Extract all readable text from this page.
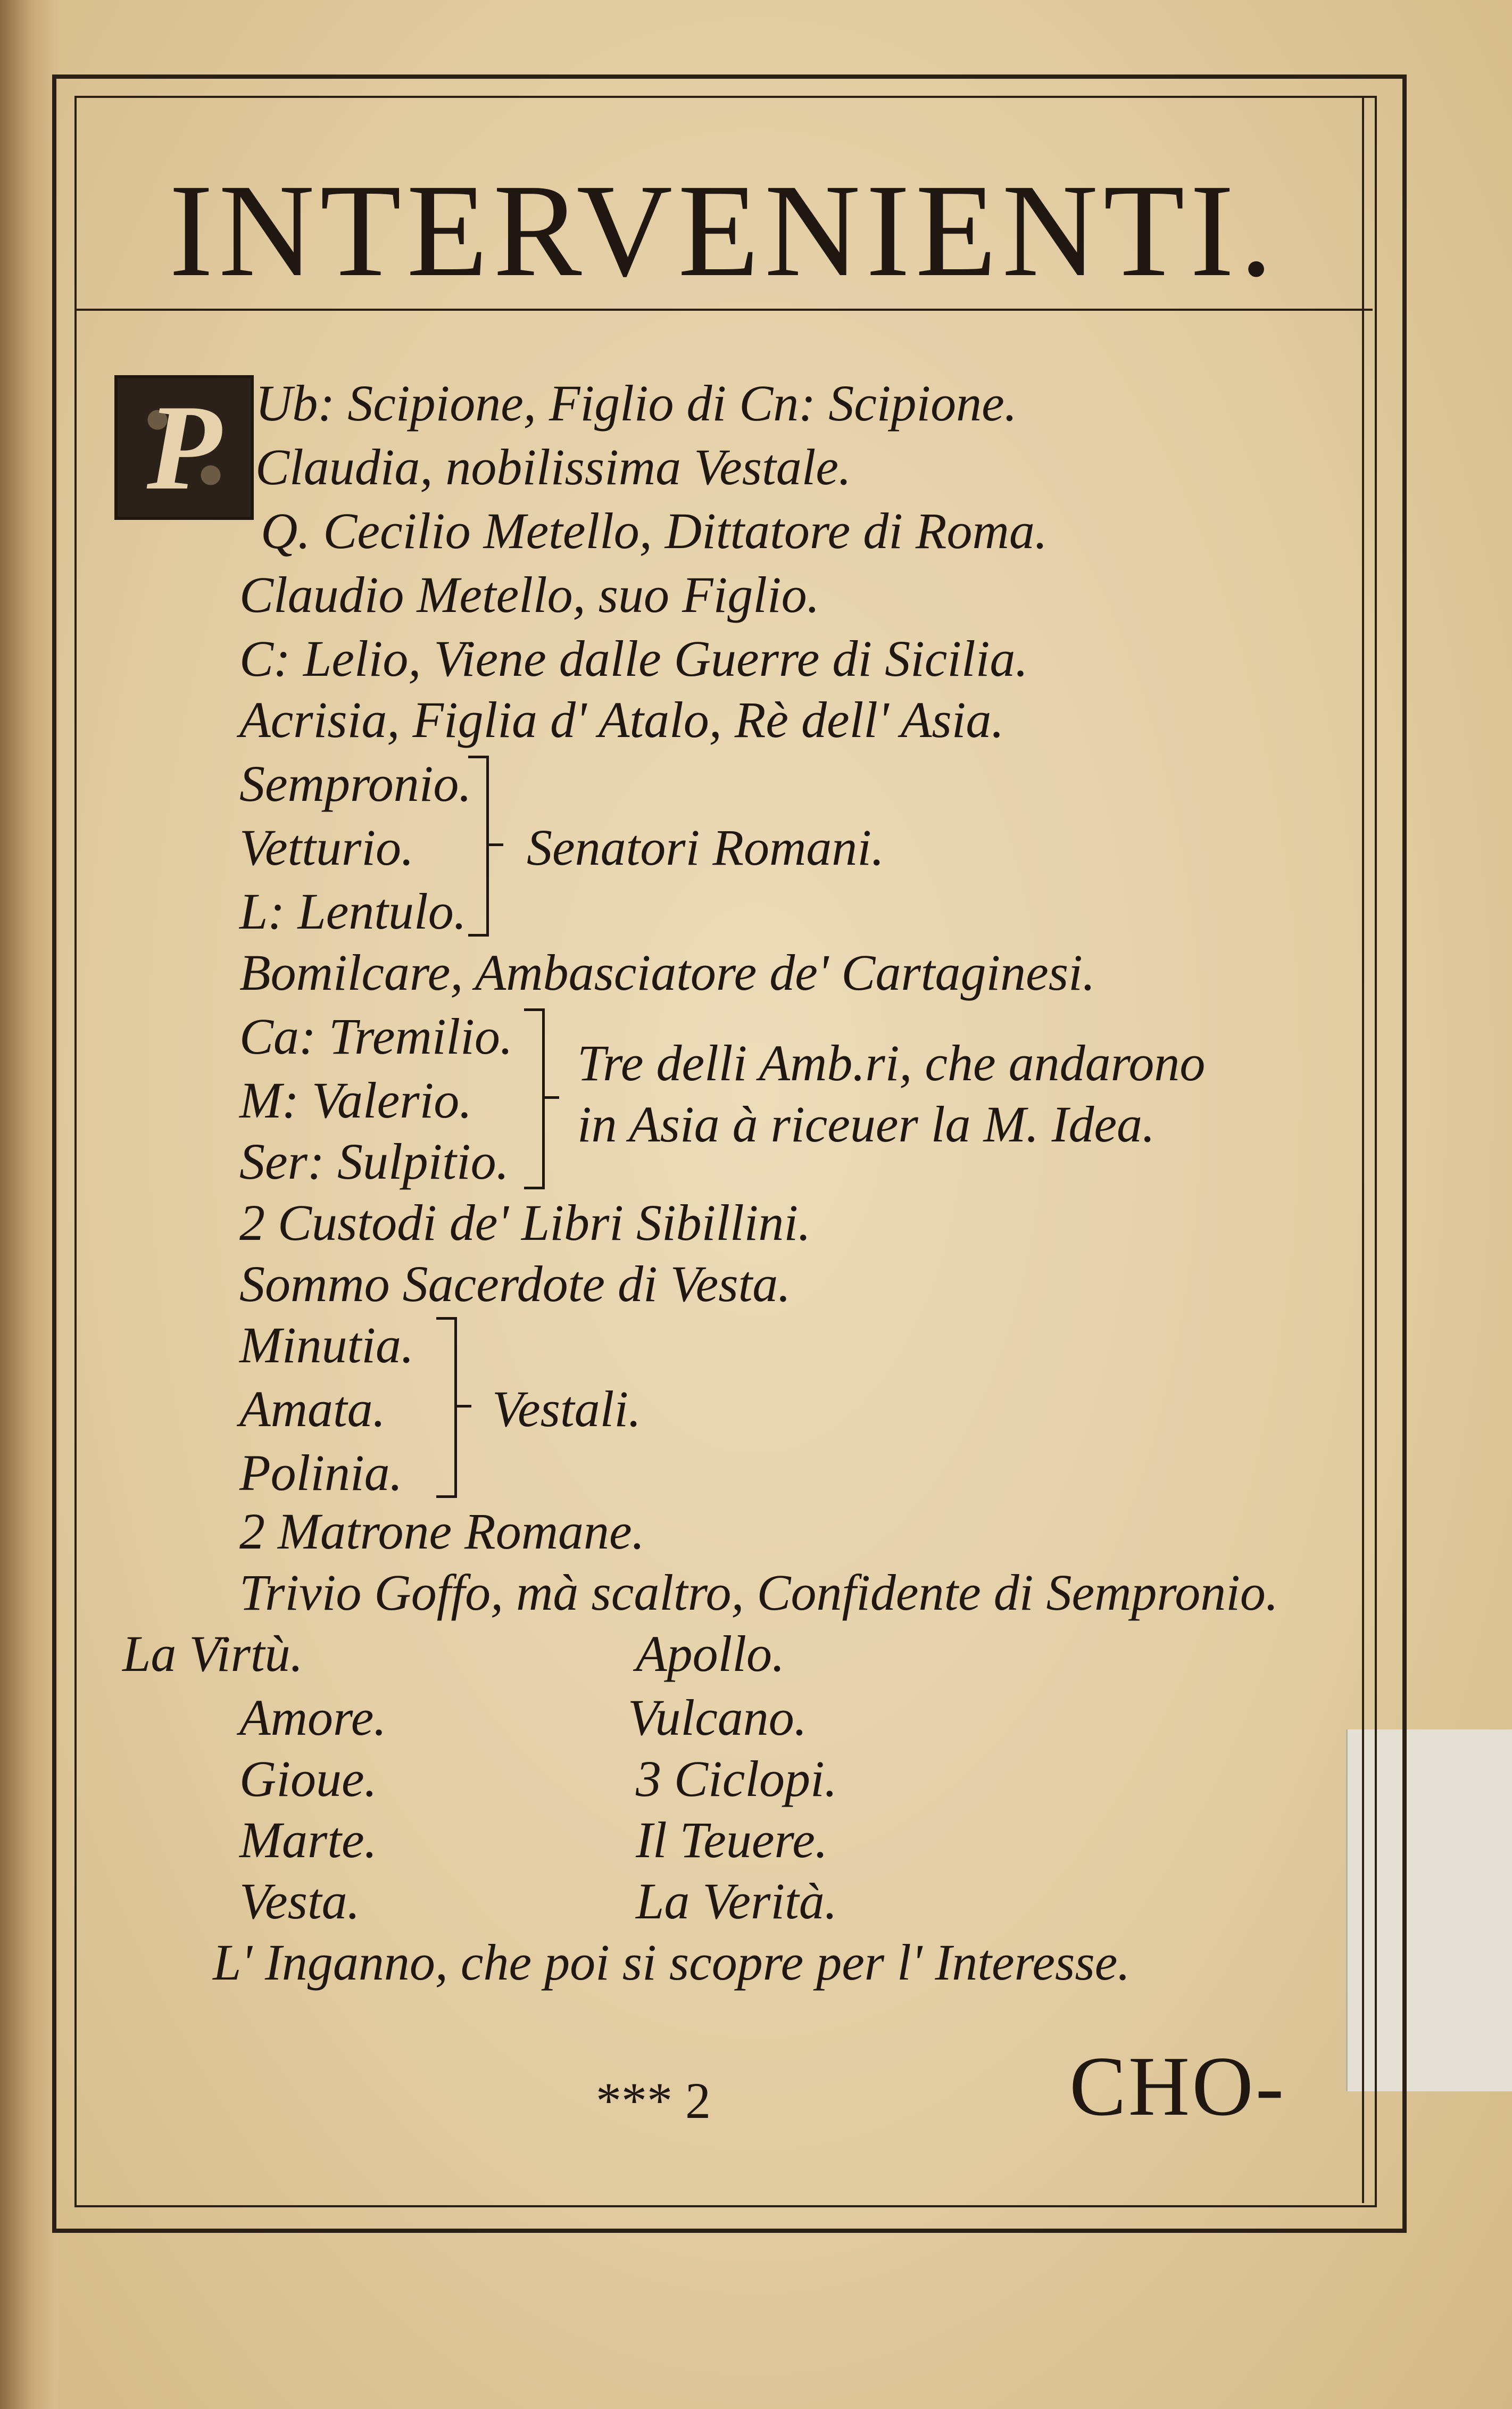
INTERVENIENTI.
P Ub: Scipione, Figlio di Cn: Scipione.
Claudia, nobilissima Vestale.
Q. Cecilio Metello, Dittatore di Roma.
Claudio Metello, suo Figlio.
C: Lelio, Viene dalle Guerre di Sicilia.
Acrisia, Figlia d' Atalo, Rè dell' Asia.
Sempronio.
Vetturio.
L: Lentulo.
Senatori Romani.
Bomilcare, Ambasciatore de' Cartaginesi.
Ca: Tremilio.
M: Valerio.
Ser: Sulpitio.
Tre delli Amb.ri, che andarono
in Asia à riceuer la M. Idea.
2 Custodi de' Libri Sibillini.
Sommo Sacerdote di Vesta.
Minutia.
Amata.
Polinia.
Vestali.
2 Matrone Romane.
Trivio Goffo, mà scaltro, Confidente di Sempronio.
La Virtù.
Amore.
Gioue.
Marte.
Vesta.
Apollo.
Vulcano.
3 Ciclopi.
Il Teuere.
La Verità.
L' Inganno, che poi si scopre per l' Interesse.
*** 2	CHO-
